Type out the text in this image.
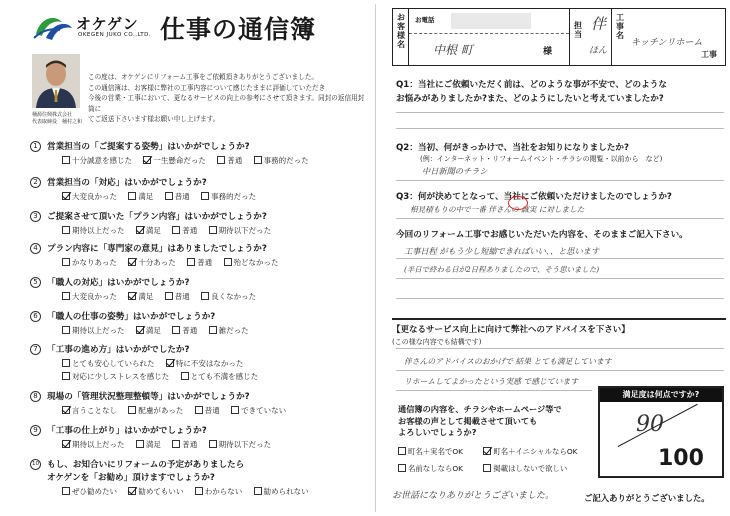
オケゲン
OKEGEN JUKO CO.,LTD. 仕事の通信簿
この度は、オケゲンにリフォーム工事をご依頼頂きありがとうございました。
この通信簿は、お客様に弊社の工事内容について感じたままに評価していただき
今後の営業・工事において、更なるサービスの向上の参考にさせて頂きます。同封の返信用封筒に
てご返送下さいます様お願い申し上げます。
桶源住興株式会社
代表取締役　 桶村之和
1	営業担当の「ご提案する姿勢」はいかがでしょうか?
十分誠意を感じた	一生懸命だった	普通	事務的だった
2	営業担当の「対応」はいかがでしょうか?
大変良かった	満足	普通	事務的だった
3	ご提案させて頂いた「プラン内容」はいかがでしょうか?
期待以上だった	満足	普通	期待以下だった
4	プラン内容に「専門家の意見」はありましたでしょうか?
かなりあった	十分あった	普通	殆どなかった
5	「職人の対応」はいかがでしょうか?
大変良かった	満足	普通	良くなかった
6	「職人の仕事の姿勢」はいかがでしょうか?
期待以上だった	満足	普通	雑だった
7	「工事の進め方」はいかがでしたか?
とても安心していられた	特に不安はなかった
対応に少しストレスを感じた	とても不満を感じた
8	現場の「管理状況整理整頓等」はいかがでしょうか?
言うことなし	配慮があった	普通	できていない
9	「工事の仕上がり」はいかがでしょうか?
期待以上だった	満足	普通	期待以下だった
10 もし、お知合いにリフォームの予定がありましたら
オケゲンを「お勧め」頂けますでしょうか?
ぜひ勧めたい	勧めてもいい	わからない	勧められない
お客様名
お電話
中根 町	様
担当
伴
ほん
工事名
キッチンリホーム
工事
Q1：当社にご依頼いただく前は、どのような事が不安で、どのような
お悩みがありましたか?また、どのようにしたいと考えていましたか?
Q2：当初、何がきっかけで、当社をお知りになりましたか?
(例：インターネット・リフォームイベント・チラシの閲覧・以前から　など)
中日新聞のチラシ
Q3：何が決めてとなって、当社にご依頼いただけましたのでしょうか?
相見積もりの中で一番 伴さんの 誠実 に対しました
今回のリフォーム工事でお感じいただいた内容を、そのままご記入下さい。
工事日程 がもう少し短縮できればいい、、と思います
(半日で終わる日が2日程ありましたので、そう思いました)
【更なるサービス向上に向けて弊社へのアドバイスを下さい】
(この様な内容でも結構です)
伴さんのアドバイスのおかげで 結果 とても満足しています
リホームしてよかったという実感 で感じています
通信簿の内容を、チラシやホームページ等で
お客様の声として掲載させて頂いても
よろしいでしょうか?
町名＋実名でOK	町名＋イニシャルならOK
名前なしならOK	掲載はしないで欲しい
満足度は何点ですか?
90
100
お世話になりありがとうございました。	ご記入ありがとうございました。
